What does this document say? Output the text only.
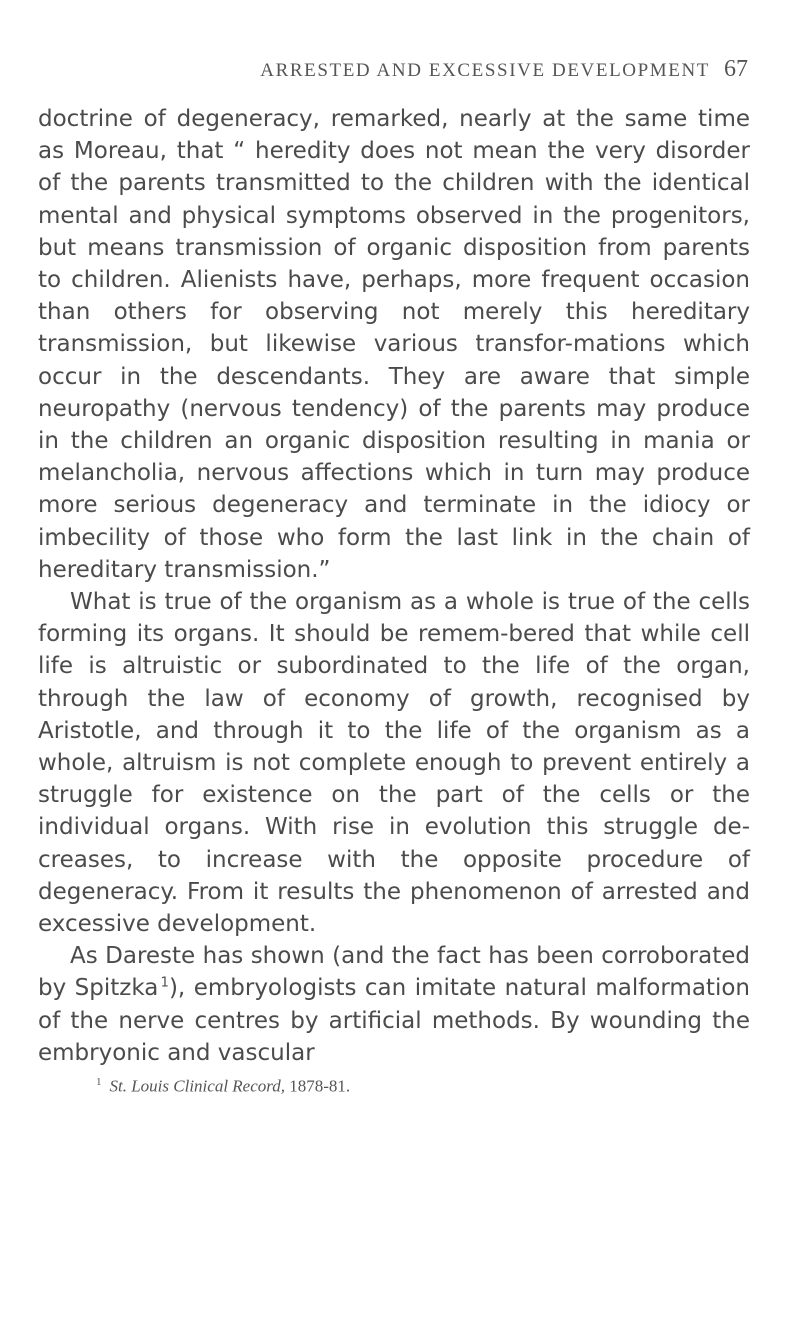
ARRESTED AND EXCESSIVE DEVELOPMENT 67

doctrine of degeneracy, remarked, nearly at the same time as Moreau, that “ heredity does not mean the very disorder of the parents transmitted to the children with the identical mental and physical symptoms observed in the progenitors, but means transmission of organic disposition from parents to children. Alienists have, perhaps, more frequent occasion than others for observing not merely this hereditary transmission, but likewise various transfor-mations which occur in the descendants. They are aware that simple neuropathy (nervous tendency) of the parents may produce in the children an organic disposition resulting in mania or melancholia, nervous affections which in turn may produce more serious degeneracy and terminate in the idiocy or imbecility of those who form the last link in the chain of hereditary transmission.”

What is true of the organism as a whole is true of the cells forming its organs. It should be remem-bered that while cell life is altruistic or subordinated to the life of the organ, through the law of economy of growth, recognised by Aristotle, and through it to the life of the organism as a whole, altruism is not complete enough to prevent entirely a struggle for existence on the part of the cells or the individual organs. With rise in evolution this struggle de-creases, to increase with the opposite procedure of degeneracy. From it results the phenomenon of arrested and excessive development.

As Dareste has shown (and the fact has been corroborated by Spitzka  $^1$), embryologists can imitate natural malformation of the nerve centres by artificial methods. By wounding the embryonic and vascular

$^1$ St. Louis Clinical Record, 1878-81.
